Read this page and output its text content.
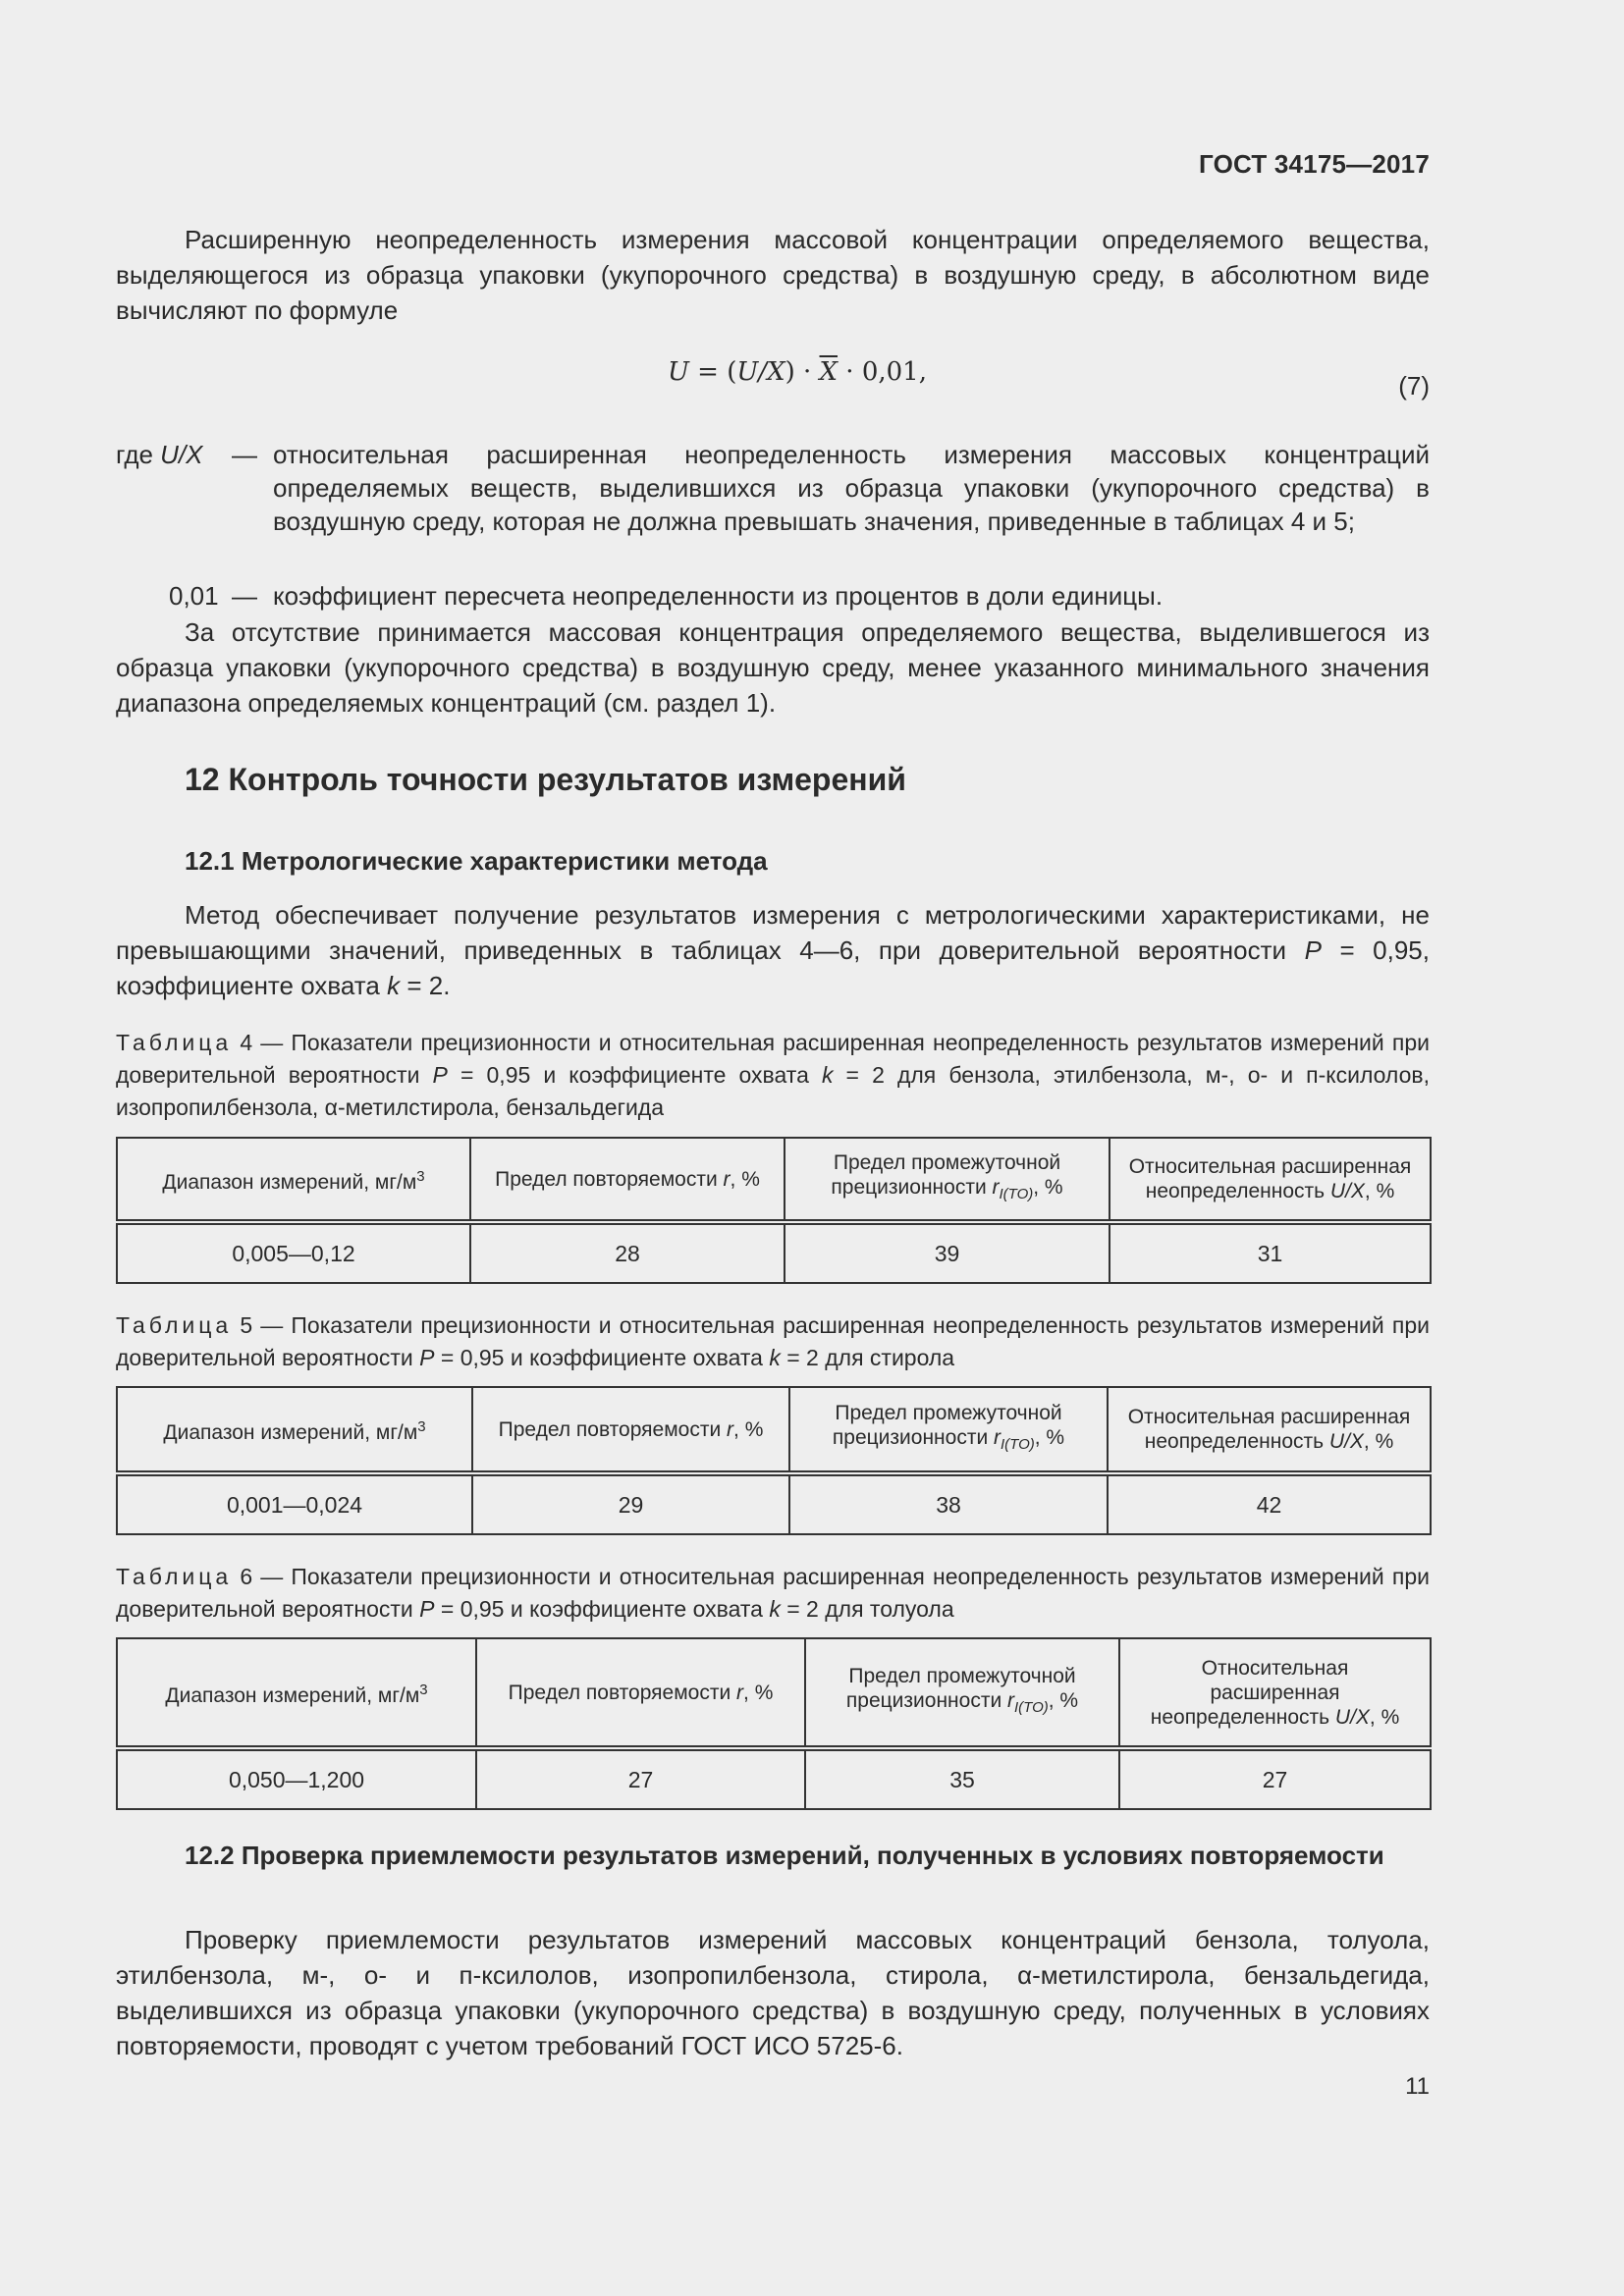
ГОСТ 34175—2017
Расширенную неопределенность измерения массовой концентрации определяемого вещества, выделяющегося из образца упаковки (укупорочного средства) в воздушную среду, в абсолютном виде вычисляют по формуле
$U = (U/X) \cdot \overline{X} \cdot 0,01$,	(7)
где U/X — относительная расширенная неопределенность измерения массовых концентраций определяемых веществ, выделившихся из образца упаковки (укупорочного средства) в воздушную среду, которая не должна превышать значения, приведенные в таблицах 4 и 5;
0,01 — коэффициент пересчета неопределенности из процентов в доли единицы.
За отсутствие принимается массовая концентрация определяемого вещества, выделившегося из образца упаковки (укупорочного средства) в воздушную среду, менее указанного минимального значения диапазона определяемых концентраций (см. раздел 1).
12 Контроль точности результатов измерений
12.1 Метрологические характеристики метода
Метод обеспечивает получение результатов измерения с метрологическими характеристиками, не превышающими значений, приведенных в таблицах 4—6, при доверительной вероятности P = 0,95, коэффициенте охвата k = 2.
Таблица 4 — Показатели прецизионности и относительная расширенная неопределенность результатов измерений при доверительной вероятности P = 0,95 и коэффициенте охвата k = 2 для бензола, этилбензола, м-, о- и п-ксилолов, изопропилбензола, α-метилстирола, бензальдегида
Диапазон измерений, $мг/м^3$	Предел повторяемости r, %	Предел промежуточной прецизионности $r_{I(TO)}$, %	Относительная расширенная неопределенность U/X, %
0,005—0,12	28	39	31
Таблица 5 — Показатели прецизионности и относительная расширенная неопределенность результатов измерений при доверительной вероятности P = 0,95 и коэффициенте охвата k = 2 для стирола
Диапазон измерений, $мг/м^3$	Предел повторяемости r, %	Предел промежуточной прецизионности $r_{I(TO)}$, %	Относительная расширенная неопределенность U/X, %
0,001—0,024	29	38	42
Таблица 6 — Показатели прецизионности и относительная расширенная неопределенность результатов измерений при доверительной вероятности P = 0,95 и коэффициенте охвата k = 2 для толуола
Диапазон измерений, $мг/м^3$	Предел повторяемости r, %	Предел промежуточной прецизионности $r_{I(TO)}$, %	Относительная расширенная неопределенность U/X, %
0,050—1,200	27	35	27
12.2 Проверка приемлемости результатов измерений, полученных в условиях повторяемости
Проверку приемлемости результатов измерений массовых концентраций бензола, толуола, этилбензола, м-, о- и п-ксилолов, изопропилбензола, стирола, α-метилстирола, бензальдегида, выделившихся из образца упаковки (укупорочного средства) в воздушную среду, полученных в условиях повторяемости, проводят с учетом требований ГОСТ ИСО 5725-6.
11
